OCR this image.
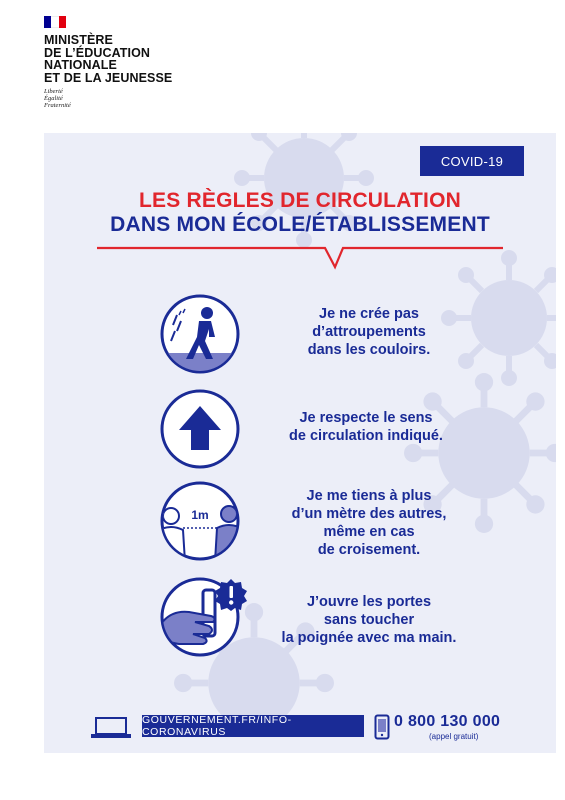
MINISTÈRE
DE L’ÉDUCATION
NATIONALE
ET DE LA JEUNESSE
Liberté
Égalité
Fraternité
COVID-19
LES RÈGLES DE CIRCULATION
DANS MON ÉCOLE/ÉTABLISSEMENT
Je ne crée pas
d’attroupements
dans les couloirs.
Je respecte le sens
de circulation indiqué.
1m
Je me tiens à plus
d’un mètre des autres,
même en cas
de croisement.
J’ouvre les portes
sans toucher
la poignée avec ma main.
GOUVERNEMENT.FR/INFO-CORONAVIRUS
0 800 130 000
(appel gratuit)
